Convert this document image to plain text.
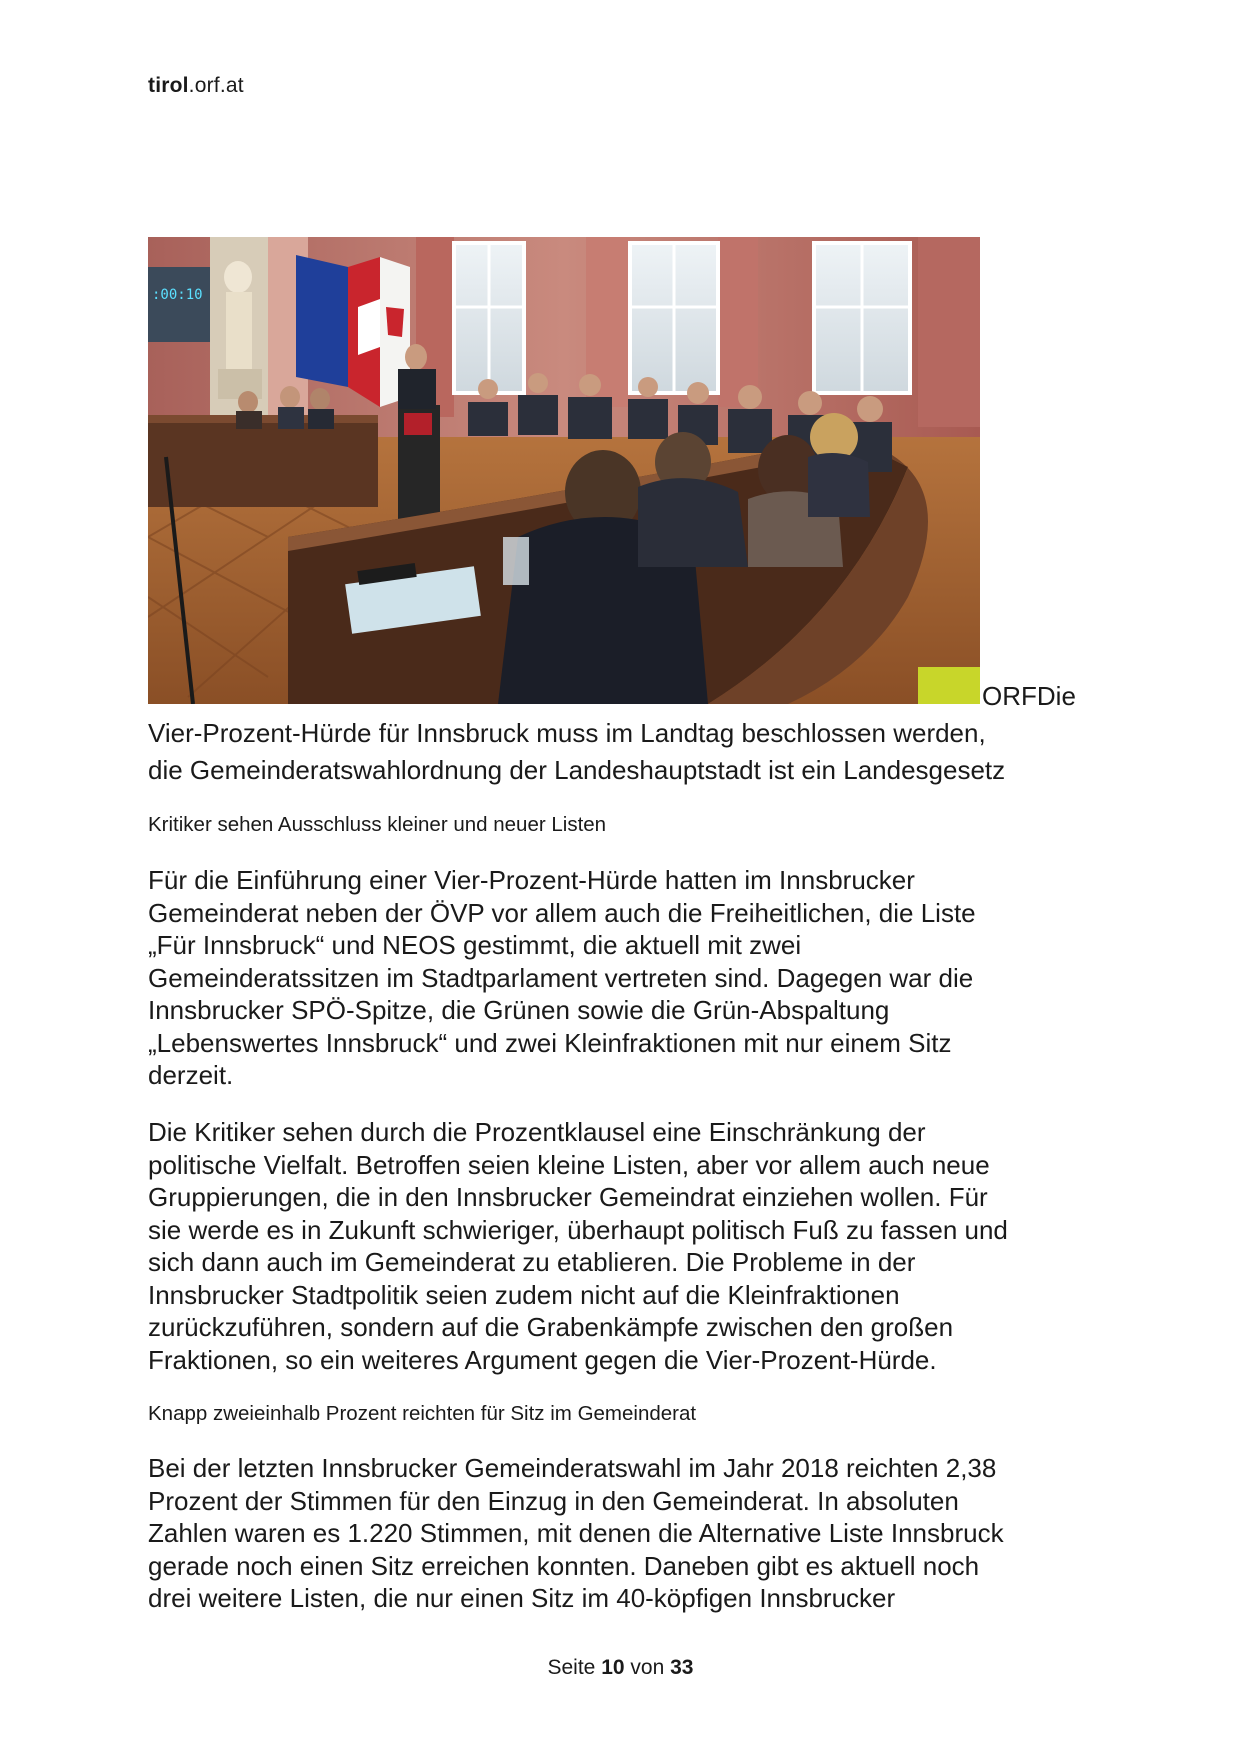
tirol.orf.at
:00:10
ORFDie
Vier-Prozent-Hürde für Innsbruck muss im Landtag beschlossen werden,
die Gemeinderatswahlordnung der Landeshauptstadt ist ein Landesgesetz
Kritiker sehen Ausschluss kleiner und neuer Listen
Für die Einführung einer Vier-Prozent-Hürde hatten im Innsbrucker
Gemeinderat neben der ÖVP vor allem auch die Freiheitlichen, die Liste
„Für Innsbruck“ und NEOS gestimmt, die aktuell mit zwei
Gemeinderatssitzen im Stadtparlament vertreten sind. Dagegen war die
Innsbrucker SPÖ-Spitze, die Grünen sowie die Grün-Abspaltung
„Lebenswertes Innsbruck“ und zwei Kleinfraktionen mit nur einem Sitz
derzeit.
Die Kritiker sehen durch die Prozentklausel eine Einschränkung der
politische Vielfalt. Betroffen seien kleine Listen, aber vor allem auch neue
Gruppierungen, die in den Innsbrucker Gemeindrat einziehen wollen. Für
sie werde es in Zukunft schwieriger, überhaupt politisch Fuß zu fassen und
sich dann auch im Gemeinderat zu etablieren. Die Probleme in der
Innsbrucker Stadtpolitik seien zudem nicht auf die Kleinfraktionen
zurückzuführen, sondern auf die Grabenkämpfe zwischen den großen
Fraktionen, so ein weiteres Argument gegen die Vier-Prozent-Hürde.
Knapp zweieinhalb Prozent reichten für Sitz im Gemeinderat
Bei der letzten Innsbrucker Gemeinderatswahl im Jahr 2018 reichten 2,38
Prozent der Stimmen für den Einzug in den Gemeinderat. In absoluten
Zahlen waren es 1.220 Stimmen, mit denen die Alternative Liste Innsbruck
gerade noch einen Sitz erreichen konnten. Daneben gibt es aktuell noch
drei weitere Listen, die nur einen Sitz im 40-köpfigen Innsbrucker
Seite 10 von 33
